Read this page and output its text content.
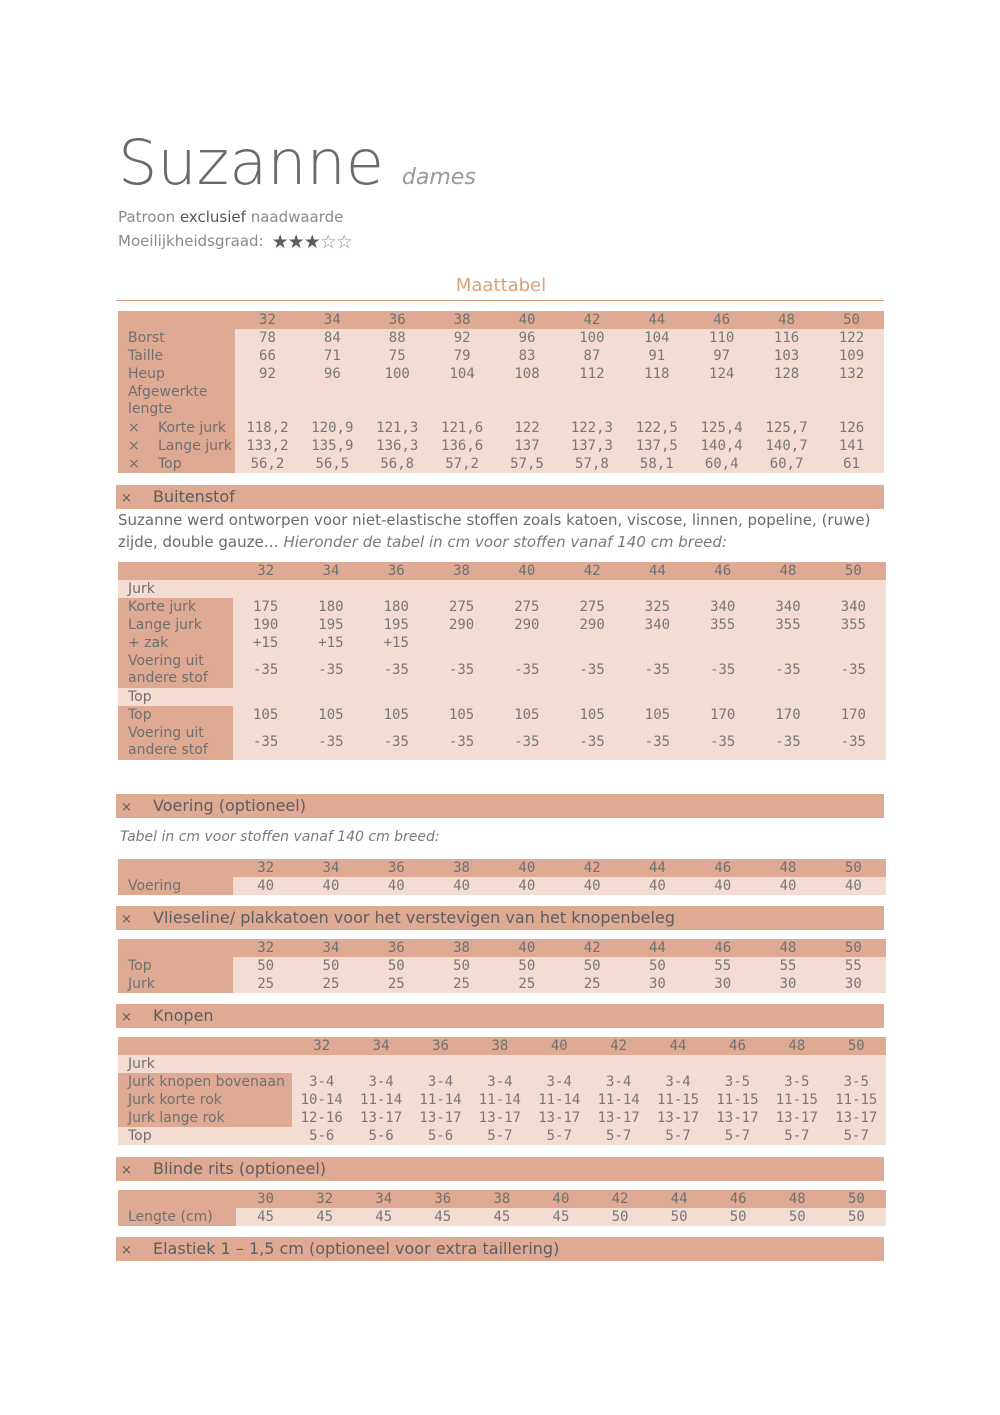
Suzanne dames
Patroon exclusief naadwaarde
Moeilijkheidsgraad: ★★★☆☆
Maattabel
	32	34	36	38	40	42	44	46	48	50
Borst	78	84	88	92	96	100	104	110	116	122
Taille	66	71	75	79	83	87	91	97	103	109
Heup	92	96	100	104	108	112	118	124	128	132
Afgewerkte lengte										
× Korte jurk	118,2	120,9	121,3	121,6	122	122,3	122,5	125,4	125,7	126
× Lange jurk	133,2	135,9	136,3	136,6	137	137,3	137,5	140,4	140,7	141
× Top	56,2	56,5	56,8	57,2	57,5	57,8	58,1	60,4	60,7	61
× Buitenstof
Suzanne werd ontworpen voor niet-elastische stoffen zoals katoen, viscose, linnen, popeline, (ruwe) zijde, double gauze… Hieronder de tabel in cm voor stoffen vanaf 140 cm breed:
	32	34	36	38	40	42	44	46	48	50
Jurk										
Korte jurk	175	180	180	275	275	275	325	340	340	340
Lange jurk	190	195	195	290	290	290	340	355	355	355
+ zak	+15	+15	+15							
Voering uit andere stof	-35	-35	-35	-35	-35	-35	-35	-35	-35	-35
Top										
Top	105	105	105	105	105	105	105	170	170	170
Voering uit andere stof	-35	-35	-35	-35	-35	-35	-35	-35	-35	-35
× Voering (optioneel)
Tabel in cm voor stoffen vanaf 140 cm breed:
	32	34	36	38	40	42	44	46	48	50
Voering	40	40	40	40	40	40	40	40	40	40
× Vlieseline/ plakkatoen voor het verstevigen van het knopenbeleg
	32	34	36	38	40	42	44	46	48	50
Top	50	50	50	50	50	50	50	55	55	55
Jurk	25	25	25	25	25	25	30	30	30	30
× Knopen
	32	34	36	38	40	42	44	46	48	50
Jurk										
Jurk knopen bovenaan	3-4	3-4	3-4	3-4	3-4	3-4	3-4	3-5	3-5	3-5
Jurk korte rok	10-14	11-14	11-14	11-14	11-14	11-14	11-15	11-15	11-15	11-15
Jurk lange rok	12-16	13-17	13-17	13-17	13-17	13-17	13-17	13-17	13-17	13-17
Top	5-6	5-6	5-6	5-7	5-7	5-7	5-7	5-7	5-7	5-7
× Blinde rits (optioneel)
	30	32	34	36	38	40	42	44	46	48	50
Lengte (cm)	45	45	45	45	45	45	50	50	50	50	50
× Elastiek 1 – 1,5 cm (optioneel voor extra taillering)
